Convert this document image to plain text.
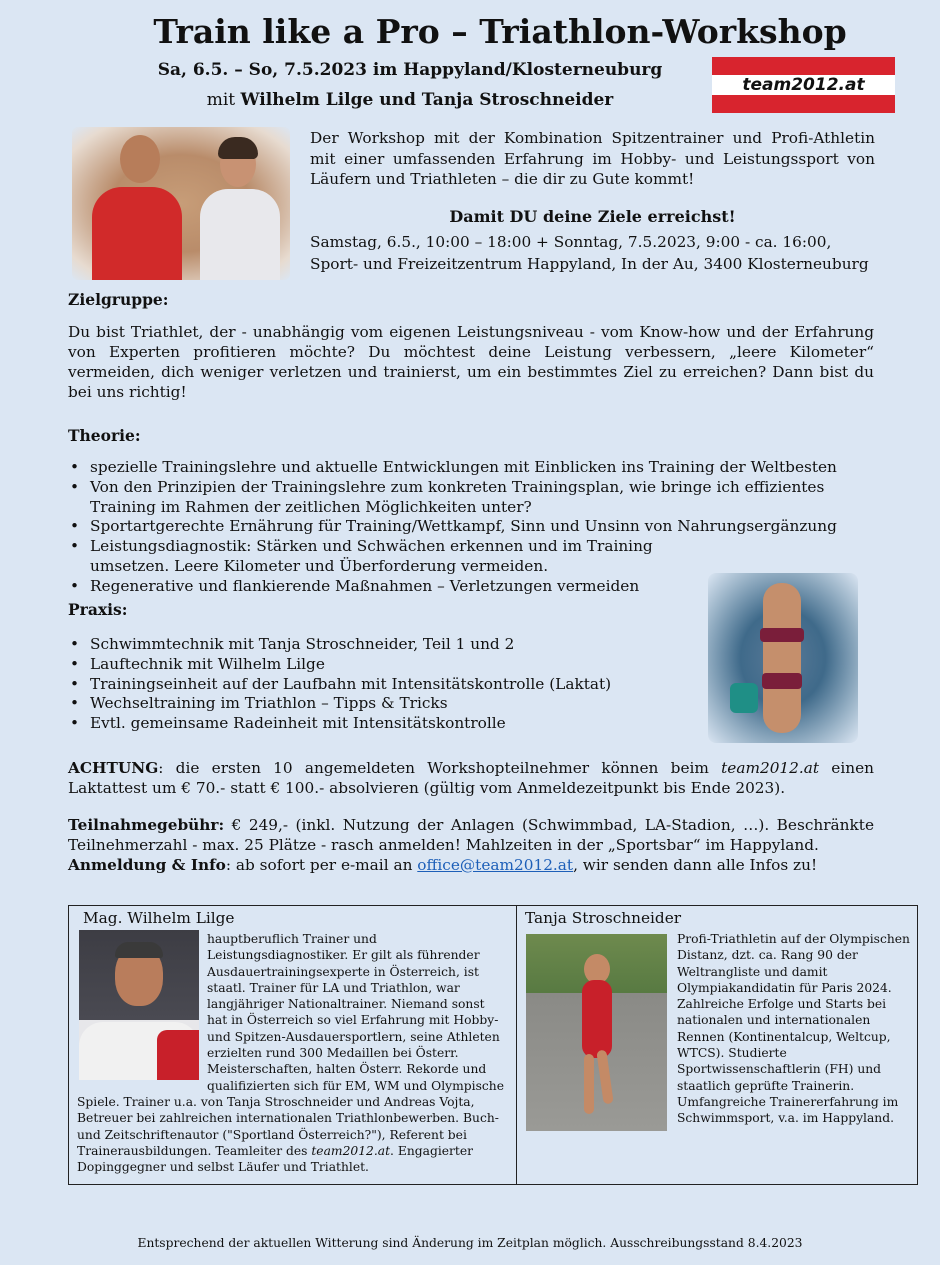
Train like a Pro – Triathlon-Workshop
Sa, 6.5. – So, 7.5.2023 im Happyland/Klosterneuburg
mit Wilhelm Lilge und Tanja Stroschneider
team2012.at
Der Workshop mit der Kombination Spitzentrainer und Profi-Athletin mit einer umfassenden Erfahrung im Hobby- und Leistungssport von Läufern und Triathleten – die dir zu Gute kommt!
Damit DU deine Ziele erreichst!
Samstag, 6.5., 10:00 – 18:00 + Sonntag, 7.5.2023, 9:00 - ca. 16:00, Sport- und Freizeitzentrum Happyland, In der Au, 3400 Klosterneuburg
Zielgruppe:
Du bist Triathlet, der - unabhängig vom eigenen Leistungsniveau - vom Know-how und der Erfahrung von Experten profitieren möchte? Du möchtest deine Leistung verbessern, „leere Kilometer“ vermeiden, dich weniger verletzen und trainierst, um ein bestimmtes Ziel zu erreichen? Dann bist du bei uns richtig!
Theorie:
• spezielle Trainingslehre und aktuelle Entwicklungen mit Einblicken ins Training der Weltbesten
• Von den Prinzipien der Trainingslehre zum konkreten Trainingsplan, wie bringe ich effizientes Training im Rahmen der zeitlichen Möglichkeiten unter?
• Sportartgerechte Ernährung für Training/Wettkampf, Sinn und Unsinn von Nahrungsergänzung
• Leistungsdiagnostik: Stärken und Schwächen erkennen und im Training umsetzen. Leere Kilometer und Überforderung vermeiden.
• Regenerative und flankierende Maßnahmen – Verletzungen vermeiden
Praxis:
• Schwimmtechnik mit Tanja Stroschneider, Teil 1 und 2
• Lauftechnik mit Wilhelm Lilge
• Trainingseinheit auf der Laufbahn mit Intensitätskontrolle (Laktat)
• Wechseltraining im Triathlon – Tipps & Tricks
• Evtl. gemeinsame Radeinheit mit Intensitätskontrolle
ACHTUNG: die ersten 10 angemeldeten Workshopteilnehmer können beim team2012.at einen Laktattest um € 70.- statt € 100.- absolvieren (gültig vom Anmeldezeitpunkt bis Ende 2023).
Teilnahmegebühr: € 249,- (inkl. Nutzung der Anlagen (Schwimmbad, LA-Stadion, …). Beschränkte Teilnehmerzahl - max. 25 Plätze - rasch anmelden! Mahlzeiten in der „Sportsbar“ im Happyland.
Anmeldung & Info: ab sofort per e-mail an office@team2012.at, wir senden dann alle Infos zu!
Mag. Wilhelm Lilge
hauptberuflich Trainer und Leistungsdiagnostiker. Er gilt als führender Ausdauertrainingsexperte in Österreich, ist staatl. Trainer für LA und Triathlon, war langjähriger Nationaltrainer. Niemand sonst hat in Österreich so viel Erfahrung mit Hobby- und Spitzen-Ausdauersportlern, seine Athleten erzielten rund 300 Medaillen bei Österr. Meisterschaften, halten Österr. Rekorde und qualifizierten sich für EM, WM und Olympische Spiele. Trainer u.a. von Tanja Stroschneider und Andreas Vojta, Betreuer bei zahlreichen internationalen Triathlonbewerben. Buch- und Zeitschriftenautor ("Sportland Österreich?"), Referent bei Trainerausbildungen. Teamleiter des team2012.at. Engagierter Dopinggegner und selbst Läufer und Triathlet.
Tanja Stroschneider
Profi-Triathletin auf der Olympischen Distanz, dzt. ca. Rang 90 der Weltrangliste und damit Olympiakandidatin für Paris 2024. Zahlreiche Erfolge und Starts bei nationalen und internationalen Rennen (Kontinentalcup, Weltcup, WTCS). Studierte Sportwissenschaftlerin (FH) und staatlich geprüfte Trainerin. Umfangreiche Trainererfahrung im Schwimmsport, v.a. im Happyland.
Entsprechend der aktuellen Witterung sind Änderung im Zeitplan möglich. Ausschreibungsstand 8.4.2023
